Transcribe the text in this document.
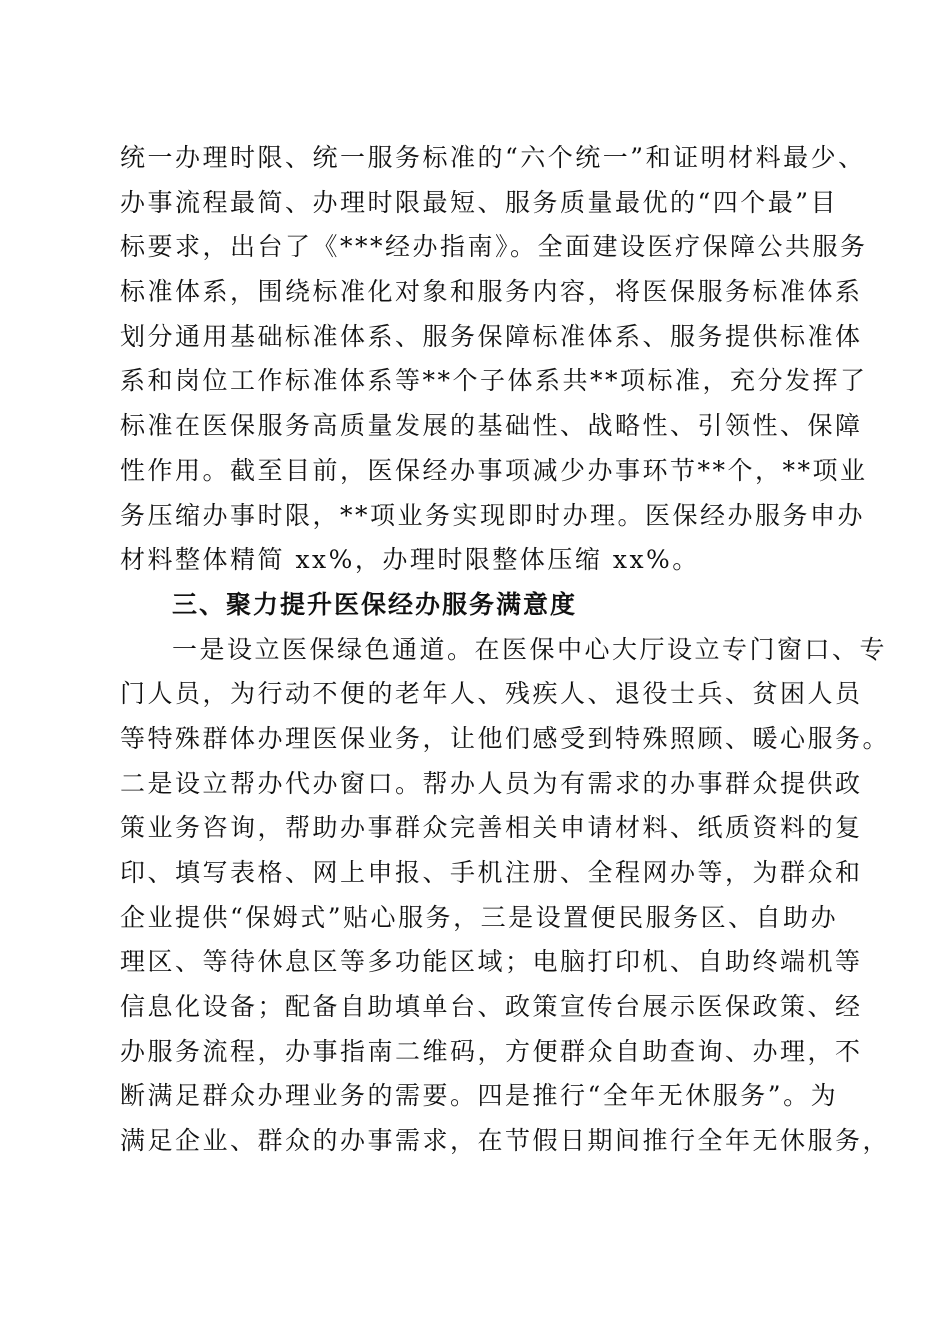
统一办理时限、统一服务标准的“六个统一”和证明材料最少、
办事流程最简、办理时限最短、服务质量最优的“四个最”目
标要求，出台了《***经办指南》。全面建设医疗保障公共服务
标准体系，围绕标准化对象和服务内容，将医保服务标准体系
划分通用基础标准体系、服务保障标准体系、服务提供标准体
系和岗位工作标准体系等**个子体系共**项标准，充分发挥了
标准在医保服务高质量发展的基础性、战略性、引领性、保障
性作用。截至目前，医保经办事项减少办事环节**个，**项业
务压缩办事时限，**项业务实现即时办理。医保经办服务申办
材料整体精简 xx%，办理时限整体压缩 xx%。
三、聚力提升医保经办服务满意度
一是设立医保绿色通道。在医保中心大厅设立专门窗口、专
门人员，为行动不便的老年人、残疾人、退役士兵、贫困人员
等特殊群体办理医保业务，让他们感受到特殊照顾、暖心服务。
二是设立帮办代办窗口。帮办人员为有需求的办事群众提供政
策业务咨询，帮助办事群众完善相关申请材料、纸质资料的复
印、填写表格、网上申报、手机注册、全程网办等，为群众和
企业提供“保姆式”贴心服务，三是设置便民服务区、自助办
理区、等待休息区等多功能区域；电脑打印机、自助终端机等
信息化设备；配备自助填单台、政策宣传台展示医保政策、经
办服务流程，办事指南二维码，方便群众自助查询、办理，不
断满足群众办理业务的需要。四是推行“全年无休服务”。为
满足企业、群众的办事需求，在节假日期间推行全年无休服务，
